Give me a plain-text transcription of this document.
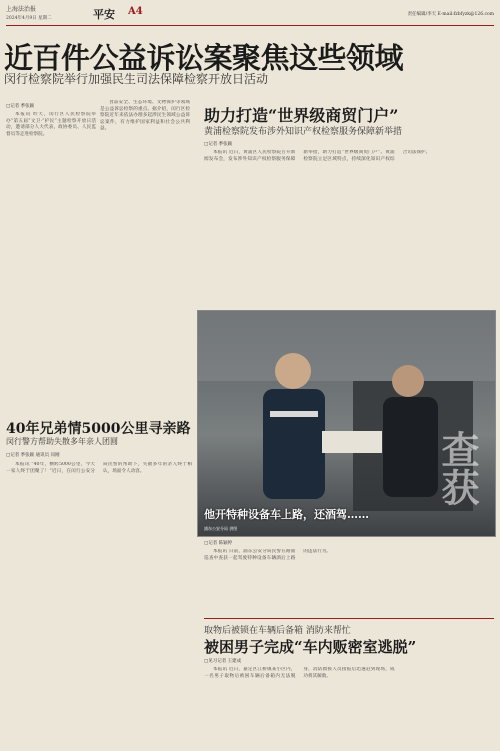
上海法治报
2024年4月9日 星期二	平安 A4	责任编辑/李天 E-mail:fzbfyzk@126.com
近百件公益诉讼案聚焦这些领域
闵行检察院举行加强民生司法保障检察开放日活动
□记者 季张颖

本报讯 昨天，闵行区人民检察院举办“第五届”文卫·“护民”主题检察开放日活动，邀请部分人大代表、政协委员、人民监督员等走进检察院。

食品安全、生态环境、文物保护等领域是公益诉讼检察的重点。据介绍，闵行区检察院近年来依法办理多起涉民生领域公益诉讼案件，有力维护国家利益和社会公共利益。

助力打造“世界级商贸门户”
黄浦检察院发布涉外知识产权检察服务保障新举措
□记者 季张颖

本报讯 近日，黄浦区人民检察院召开新闻发布会，发布涉外知识产权检察服务保障新举措，助力打造“世界级商贸门户”。黄浦检察院立足区域特点，持续深化知识产权综合司法保护。

查获
他开特种设备车上路，还酒驾……
浦东公安分局 供图
40年兄弟情5000公里寻亲路
闵行警方帮助失散多年亲人团圆
□记者 季张颖 通讯员 闵刚

本报讯 “40年，横跨5000公里，今天一家人终于团聚了！”近日，在闵行公安分局民警的帮助下，失散多年的亲人终于相认，场面令人动容。

□记者 陈颖婷

本报讯 日前，浦东公安分局民警在路面巡查中查获一起驾驶特种设备车辆酒后上路的违法行为。

取物后被锁在车辆后备箱 消防来帮忙
被困男子完成“车内贩密室逃脱”
□见习记者 王建成

本报讯 近日，嘉定区江桥镇某小区内，一名男子取物后被困车辆后备箱内无法脱身，消防救援人员接报后迅速赶到现场，成功将其解救。
